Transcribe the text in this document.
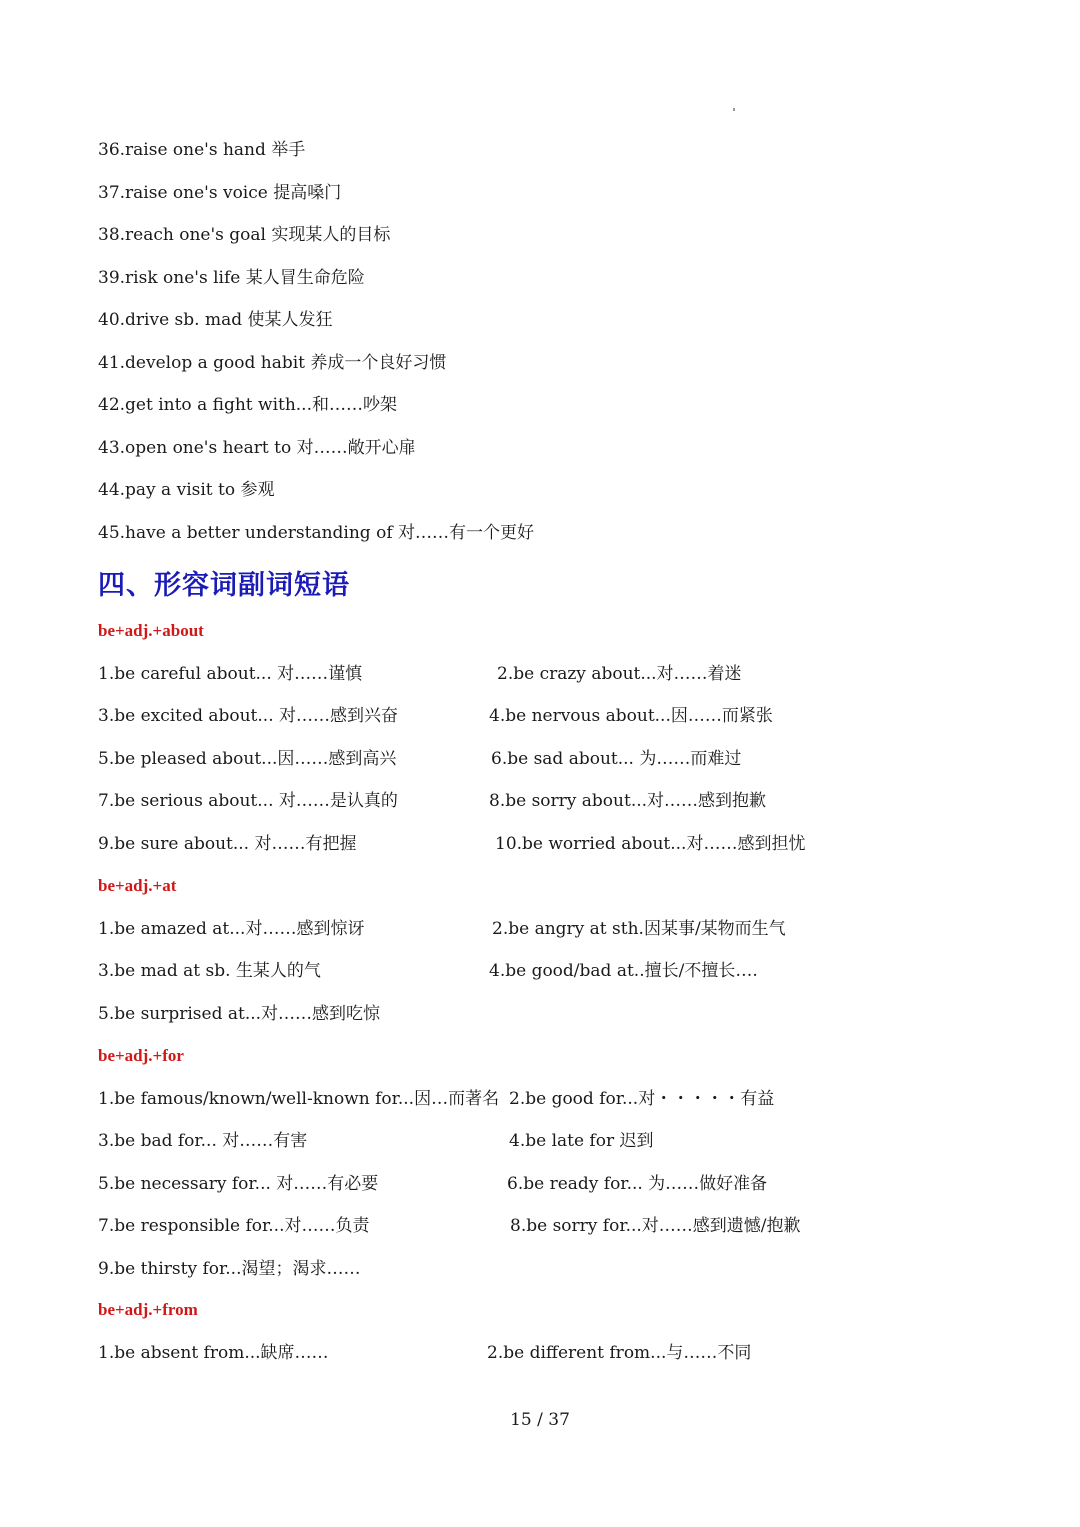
36.raise one's hand 举手
37.raise one's voice 提高嗓门
38.reach one's goal 实现某人的目标
39.risk one's life 某人冒生命危险
40.drive sb. mad 使某人发狂
41.develop a good habit 养成一个良好习惯
42.get into a fight with...和……吵架
43.open one's heart to 对……敞开心扉
44.pay a visit to 参观
45.have a better understanding of 对……有一个更好
四、形容词副词短语
be+adj.+about
1.be careful about... 对……谨慎	2.be crazy about...对……着迷
3.be excited about... 对……感到兴奋	4.be nervous about...因……而紧张
5.be pleased about...因……感到高兴	6.be sad about... 为……而难过
7.be serious about... 对……是认真的	8.be sorry about...对……感到抱歉
9.be sure about... 对……有把握	10.be worried about...对……感到担忧
be+adj.+at
1.be amazed at...对……感到惊讶	2.be angry at sth.因某事/某物而生气
3.be mad at sb. 生某人的气	4.be good/bad at..擅长/不擅长….
5.be surprised at...对……感到吃惊
be+adj.+for
1.be famous/known/well-known for...因…而著名 2.be good for...对・・・・・有益
3.be bad for... 对……有害	4.be late for 迟到
5.be necessary for... 对……有必要	6.be ready for... 为……做好准备
7.be responsible for...对……负责	8.be sorry for...对……感到遗憾/抱歉
9.be thirsty for...渴望；渴求……
be+adj.+from
1.be absent from...缺席……	2.be different from...与……不同
15 / 37
